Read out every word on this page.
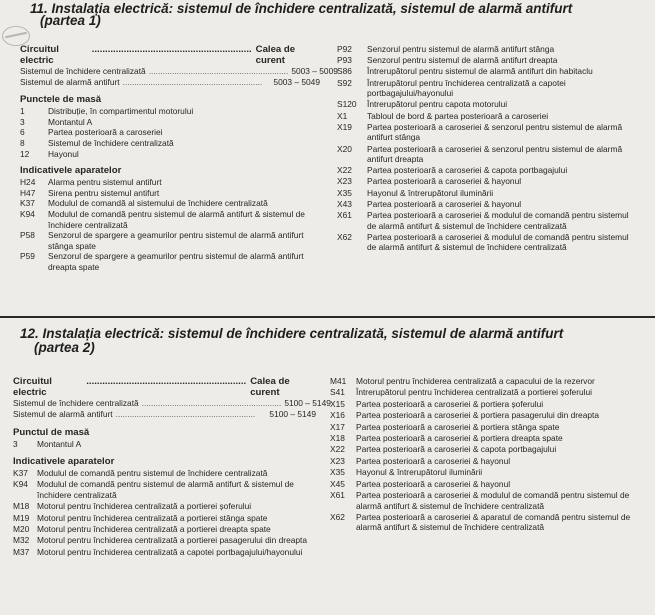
11. Instalația electrică: sistemul de închidere centralizată, sistemul de alarmă antifurt
(partea 1)
Circuitul electric
............................................................ Calea de curent
Sistemul de închidere centralizată ............................................................ 5003 – 5009
Sistemul de alarmă antifurt ............................................................	5003 – 5049
Punctele de masă
1	Distribuție, în compartimentul motorului
3	Montantul A
6	Partea posterioară a caroseriei
8	Sistemul de închidere centralizată
12	Hayonul
Indicativele aparatelor
H24	Alarma pentru sistemul antifurt
H47	Sirena pentru sistemul antifurt
K37	Modulul de comandă al sistemului de închidere centralizată
K94	Modulul de comandă pentru sistemul de alarmă antifurt & sistemul de închidere centralizată
P58	Senzorul de spargere a geamurilor pentru sistemul de alarmă antifurt stânga spate
P59	Senzorul de spargere a geamurilor pentru sistemul de alarmă antifurt dreapta spate
P92	Senzorul pentru sistemul de alarmă antifurt stânga
P93	Senzorul pentru sistemul de alarmă antifurt dreapta
S86	Întrerupătorul pentru sistemul de alarmă antifurt din habitaclu
S92	Întrerupătorul pentru închiderea centralizată a capotei portbagajului/hayonului
S120	Întrerupătorul pentru capota motorului
X1	Tabloul de bord & partea posterioară a caroseriei
X19	Partea posterioară a caroseriei & senzorul pentru sistemul de alarmă antifurt stânga
X20	Partea posterioară a caroseriei & senzorul pentru sistemul de alarmă antifurt dreapta
X22	Partea posterioară a caroseriei & capota portbagajului
X23	Partea posterioară a caroseriei & hayonul
X35	Hayonul & întrerupătorul iluminării
X43	Partea posterioară a caroseriei & hayonul
X61	Partea posterioară a caroseriei & modulul de comandă pentru sistemul de alarmă antifurt & sistemul de închidere centralizată
X62	Partea posterioară a caroseriei & modulul de comandă pentru sistemul de alarmă antifurt & sistemul de închidere centralizată
12. Instalația electrică: sistemul de închidere centralizată, sistemul de alarmă antifurt
(partea 2)
Circuitul electric
............................................................ Calea de curent
Sistemul de închidere centralizată ............................................................ 5100 – 5149
Sistemul de alarmă antifurt ............................................................	5100 – 5149
Punctul de masă
3	Montantul A
Indicativele aparatelor
K37	Modulul de comandă pentru sistemul de închidere centralizată
K94	Modulul de comandă pentru sistemul de alarmă antifurt & sistemul de închidere centralizată
M18 Motorul pentru închiderea centralizată a portierei șoferului
M19 Motorul pentru închiderea centralizată a portierei stânga spate
M20 Motorul pentru închiderea centralizată a portierei dreapta spate
M32 Motorul pentru închiderea centralizată a portierei pasagerului din dreapta
M37 Motorul pentru închiderea centralizată a capotei portbagajului/hayonului
M41	Motorul pentru închiderea centralizată a capacului de la rezervor
S41	Întrerupătorul pentru închiderea centralizată a portierei șoferului
X15	Partea posterioară a caroseriei & portiera șoferului
X16	Partea posterioară a caroseriei & portiera pasagerului din dreapta
X17	Partea posterioară a caroseriei & portiera stânga spate
X18	Partea posterioară a caroseriei & portiera dreapta spate
X22	Partea posterioară a caroseriei & capota portbagajului
X23	Partea posterioară a caroseriei & hayonul
X35	Hayonul & întrerupătorul iluminării
X45	Partea posterioară a caroseriei & hayonul
X61	Partea posterioară a caroseriei & modulul de comandă pentru sistemul de alarmă antifurt & sistemul de închidere centralizată
X62	Partea posterioară a caroseriei & aparatul de comandă pentru sistemul de alarmă antifurt & sistemul de închidere centralizată
